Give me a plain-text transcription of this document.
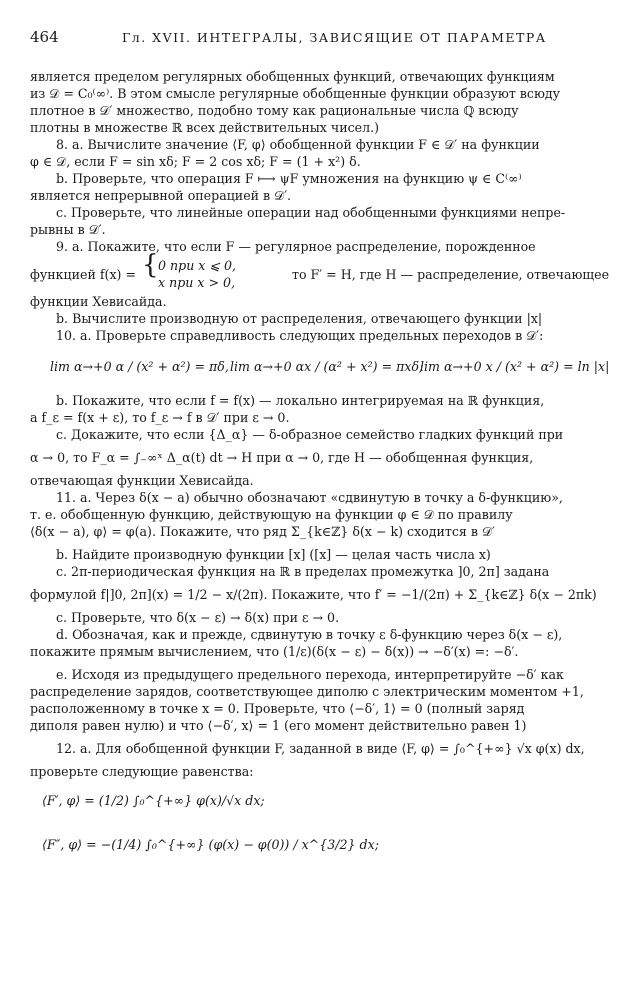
464	Гл. XVII. ИНТЕГРАЛЫ, ЗАВИСЯЩИЕ ОТ ПАРАМЕТРА

является пределом регулярных обобщенных функций, отвечающих функциям

из 𝒟 = C₀⁽∞⁾. В этом смысле регулярные обобщенные функции образуют всюду

плотное в 𝒟′ множество, подобно тому как рациональные числа ℚ всюду

плотны в множестве ℝ всех действительных чисел.)

8. a. Вычислите значение ⟨F, φ⟩ обобщенной функции F ∈ 𝒟′ на функции

φ ∈ 𝒟, если F = sin xδ; F = 2 cos xδ; F = (1 + x²) δ.

b. Проверьте, что операция F ⟼ ψF умножения на функцию ψ ∈ C⁽∞⁾

является непрерывной операцией в 𝒟′.

c. Проверьте, что линейные операции над обобщенными функциями непре-

рывны в 𝒟′.

9. a. Покажите, что если F — регулярное распределение, порожденное

функцией f(x) = { 0 при x ⩽ 0,
x при x > 0,
то F′ = H, где H — распределение, отвечающее

функции Хевисайда.

b. Вычислите производную от распределения, отвечающего функции |x|

10. a. Проверьте справедливость следующих предельных переходов в 𝒟′:

lim α→+0 α / (x² + α²) = πδ, lim α→+0 αx / (α² + x²) = πxδ;
lim α→+0 x / (x² + α²) = ln |x|

b. Покажите, что если f = f(x) — локально интегрируемая на ℝ функция,

a f_ε = f(x + ε), то f_ε → f в 𝒟′ при ε → 0.

c. Докажите, что если {Δ_α} — δ-образное семейство гладких функций при

α → 0, то F_α = ∫₋∞ˣ Δ_α(t) dt → H при α → 0, где H — обобщенная функция,

отвечающая функции Хевисайда.

11. a. Через δ(x − a) обычно обозначают «сдвинутую в точку a δ-функцию»,

т. е. обобщенную функцию, действующую на функции φ ∈ 𝒟 по правилу

⟨δ(x − a), φ⟩ = φ(a). Покажите, что ряд Σ_{k∈ℤ} δ(x − k) сходится в 𝒟′

b. Найдите производную функции [x] ([x] — целая часть числа x)

c. 2π-периодическая функция на ℝ в пределах промежутка ]0, 2π] задана

формулой f|]0, 2π](x) = 1/2 − x/(2π). Покажите, что f′ = −1/(2π) + Σ_{k∈ℤ} δ(x − 2πk)

c. Проверьте, что δ(x − ε) → δ(x) при ε → 0.

d. Обозначая, как и прежде, сдвинутую в точку ε δ-функцию через δ(x − ε),

покажите прямым вычислением, что (1/ε)(δ(x − ε) − δ(x)) → −δ′(x) =: −δ′.

e. Исходя из предыдущего предельного перехода, интерпретируйте −δ′ как

распределение зарядов, соответствующее диполю с электрическим моментом +1,

расположенному в точке x = 0. Проверьте, что ⟨−δ′, 1⟩ = 0 (полный заряд

диполя равен нулю) и что ⟨−δ′, x⟩ = 1 (его момент действительно равен 1)

12. a. Для обобщенной функции F, заданной в виде ⟨F, φ⟩ = ∫₀^{+∞} √x φ(x) dx,

проверьте следующие равенства:

⟨F′, φ⟩ = (1/2) ∫₀^{+∞} φ(x)/√x dx;
⟨F″, φ⟩ = −(1/4) ∫₀^{+∞} (φ(x) − φ(0)) / x^{3/2} dx;
